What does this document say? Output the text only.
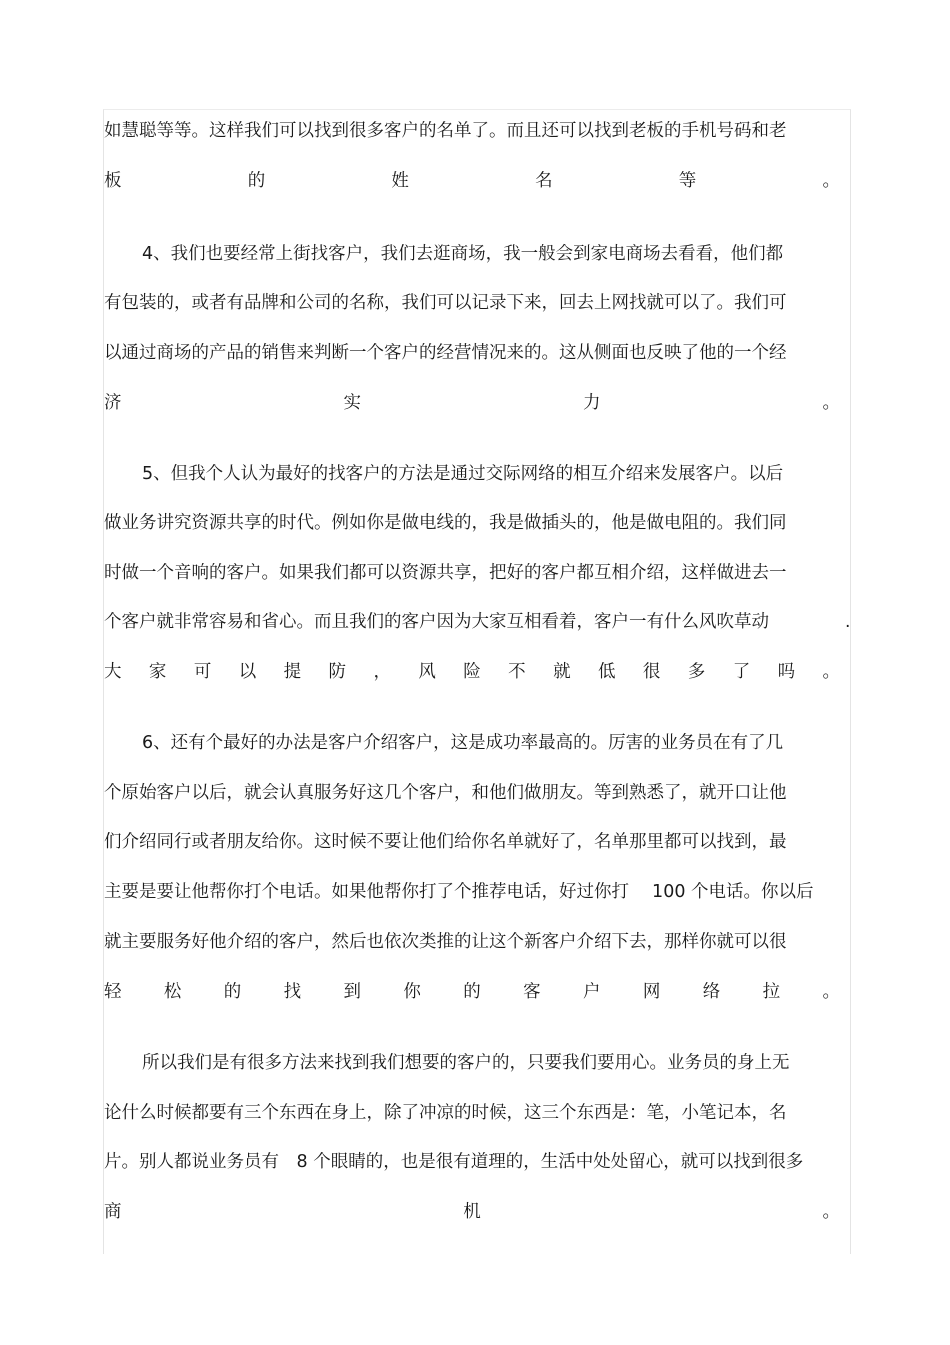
如慧聪等等。这样我们可以找到很多客户的名单了。而且还可以找到老板的手机号码和老
板	的	姓	名	等	。
4、我们也要经常上街找客户，我们去逛商场，我一般会到家电商场去看看，他们都
有包装的，或者有品牌和公司的名称，我们可以记录下来，回去上网找就可以了。我们可
以通过商场的产品的销售来判断一个客户的经营情况来的。这从侧面也反映了他的一个经
济	实	力	。
5、但我个人认为最好的找客户的方法是通过交际网络的相互介绍来发展客户。以后
做业务讲究资源共享的时代。例如你是做电线的，我是做插头的，他是做电阻的。我们同
时做一个音响的客户。如果我们都可以资源共享，把好的客户都互相介绍，这样做进去一
个客户就非常容易和省心。而且我们的客户因为大家互相看着，客户一有什么风吹草动	.
大 家 可 以 提 防 ， 风 险 不 就 低 很 多 了 吗 。
6、还有个最好的办法是客户介绍客户，这是成功率最高的。厉害的业务员在有了几
个原始客户以后，就会认真服务好这几个客户，和他们做朋友。等到熟悉了，就开口让他
们介绍同行或者朋友给你。这时候不要让他们给你名单就好了，名单那里都可以找到，最
主要是要让他帮你打个电话。如果他帮你打了个推荐电话，好过你打　 100 个电话。你以后
就主要服务好他介绍的客户，然后也依次类推的让这个新客户介绍下去，那样你就可以很
轻 松 的 找 到 你 的 客 户 网 络 拉 。
所以我们是有很多方法来找到我们想要的客户的，只要我们要用心。业务员的身上无
论什么时候都要有三个东西在身上，除了冲凉的时候，这三个东西是：笔，小笔记本，名
片。别人都说业务员有　8 个眼睛的，也是很有道理的，生活中处处留心，就可以找到很多
商	机	。
